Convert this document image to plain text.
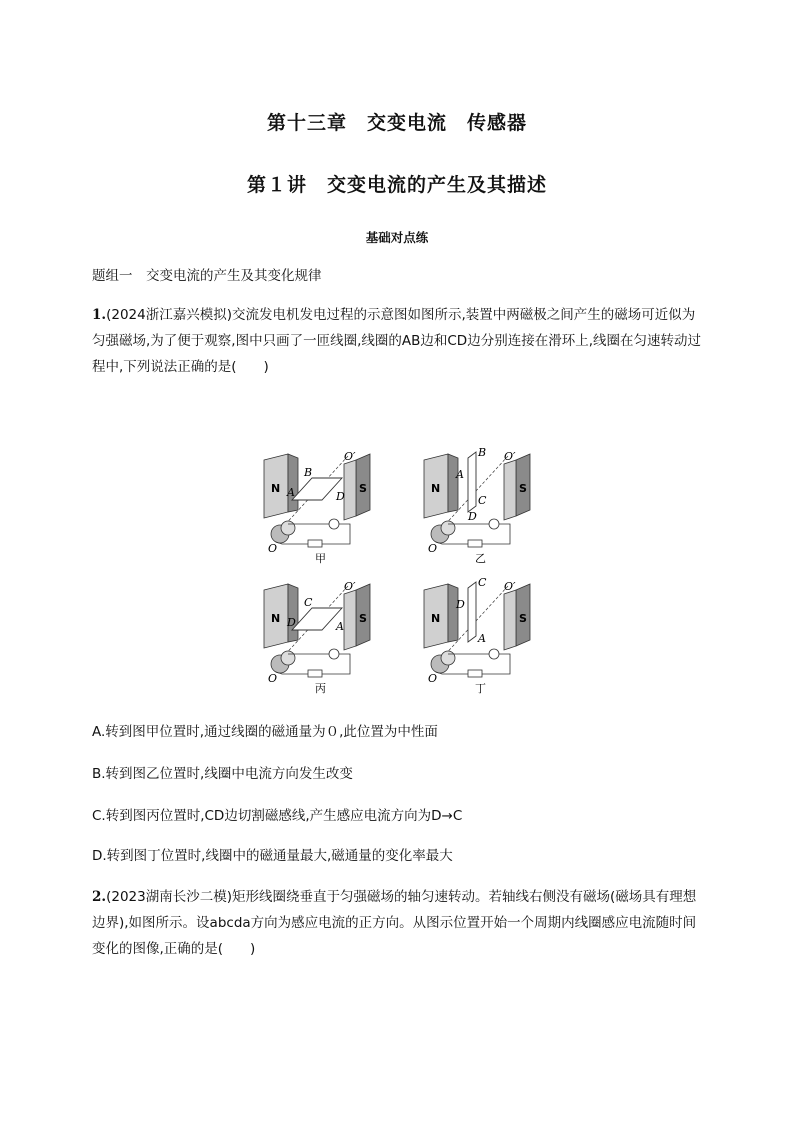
第十三章　交变电流　传感器
第１讲　交变电流的产生及其描述
基础对点练
题组一　交变电流的产生及其变化规律
1.(2024浙江嘉兴模拟)交流发电机发电过程的示意图如图所示,装置中两磁极之间产生的磁场可近似为匀强磁场,为了便于观察,图中只画了一匝线圈,线圈的AB边和CD边分别连接在滑环上,线圈在匀速转动过程中,下列说法正确的是(　　)
N	S
B
A	D
O′
O
甲
N	S
B
A
C
D
O′
O
乙
N	S
C
D	A
O′
O
丙
N	S
C
D
A
O′
O
丁
A.转到图甲位置时,通过线圈的磁通量为０,此位置为中性面
B.转到图乙位置时,线圈中电流方向发生改变
C.转到图丙位置时,CD边切割磁感线,产生感应电流方向为D→C
D.转到图丁位置时,线圈中的磁通量最大,磁通量的变化率最大
2.(2023湖南长沙二模)矩形线圈绕垂直于匀强磁场的轴匀速转动。若轴线右侧没有磁场(磁场具有理想边界),如图所示。设abcda方向为感应电流的正方向。从图示位置开始一个周期内线圈感应电流随时间变化的图像,正确的是(　　)
